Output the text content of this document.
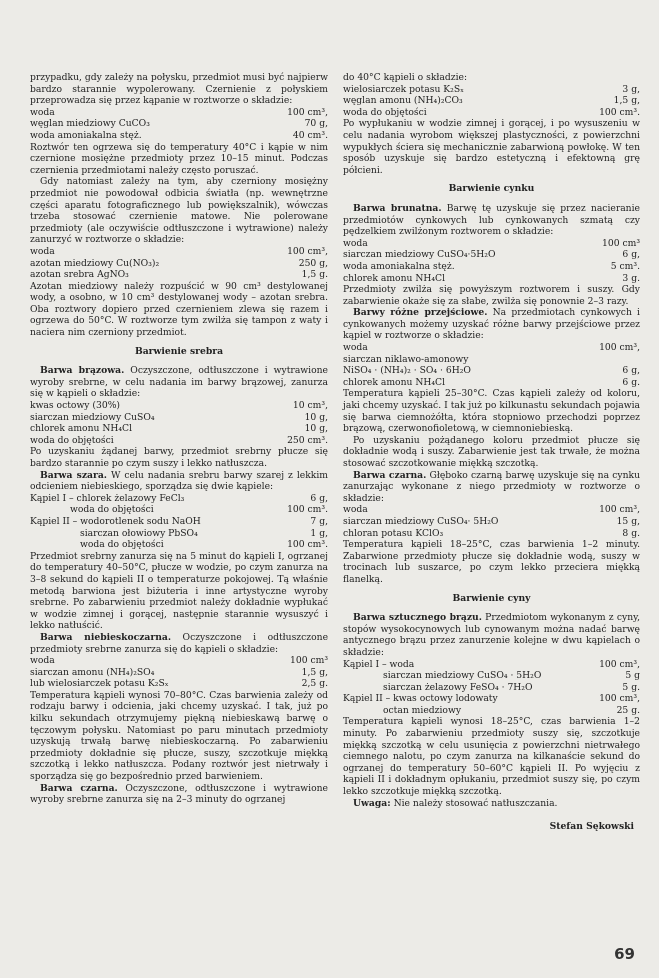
przypadku, gdy zależy na połysku, przedmiot musi być najpierw bardzo starannie wypolerowany. Czernienie z połyskiem przeprowadza się przez kąpanie w roztworze o składzie:

woda	100 cm³,
węglan miedziowy CuCO₃	70 g,
woda amoniakalna stęż.	40 cm³.

Roztwór ten ogrzewa się do temperatury 40°C i kąpie w nim czernione mosiężne przedmioty przez 10–15 minut. Podczas czernienia przedmiotami należy często poruszać.

Gdy natomiast zależy na tym, aby czerniony mosiężny przedmiot nie powodował odbicia światła (np. wewnętrzne części aparatu fotograficznego lub powiększalnik), wówczas trzeba stosować czernienie matowe. Nie polerowane przedmioty (ale oczywiście odtłuszczone i wytrawione) należy zanurzyć w roztworze o składzie:

woda	100 cm³,
azotan miedziowy Cu(NO₃)₂	250 g,
azotan srebra AgNO₃	1,5 g.

Azotan miedziowy należy rozpuścić w 90 cm³ destylowanej wody, a osobno, w 10 cm³ destylowanej wody – azotan srebra. Oba roztwory dopiero przed czernieniem zlewa się razem i ogrzewa do 50°C. W roztworze tym zwilża się tampon z waty i naciera nim czerniony przedmiot.

Barwienie srebra

Barwa brązowa. Oczyszczone, odtłuszczone i wytrawione wyroby srebrne, w celu nadania im barwy brązowej, zanurza się w kąpieli o składzie:

kwas octowy (30%)	10 cm³,
siarczan miedziowy CuSO₄	10 g,
chlorek amonu NH₄Cl	10 g,
woda do objętości	250 cm³.

Po uzyskaniu żądanej barwy, przedmiot srebrny płucze się bardzo starannie po czym suszy i lekko natłuszcza.

Barwa szara. W celu nadania srebru barwy szarej z lekkim odcieniem niebieskiego, sporządza się dwie kąpiele:

Kąpiel I – chlorek żelazowy FeCl₃	6 g,
woda do objętości	100 cm³.
Kąpiel II – wodorotlenek sodu NaOH	7 g,
siarczan ołowiowy PbSO₄	1 g,
woda do objętości	100 cm³.

Przedmiot srebrny zanurza się na 5 minut do kąpieli I, ogrzanej do temperatury 40–50°C, płucze w wodzie, po czym zanurza na 3–8 sekund do kąpieli II o temperaturze pokojowej. Tą właśnie metodą barwiona jest biżuteria i inne artystyczne wyroby srebrne. Po zabarwieniu przedmiot należy dokładnie wypłukać w wodzie zimnej i gorącej, następnie starannie wysuszyć i lekko natłuścić.

Barwa niebieskoczarna. Oczyszczone i odtłuszczone przedmioty srebrne zanurza się do kąpieli o składzie:

woda	100 cm³
siarczan amonu (NH₄)₂SO₄	1,5 g,
lub wielosiarczek potasu K₂Sₓ	2,5 g.

Temperatura kąpieli wynosi 70–80°C. Czas barwienia zależy od rodzaju barwy i odcienia, jaki chcemy uzyskać. I tak, już po kilku sekundach otrzymujemy piękną niebieskawą barwę o tęczowym połysku. Natomiast po paru minutach przedmioty uzyskują trwałą barwę niebieskoczarną. Po zabarwieniu przedmioty dokładnie się płucze, suszy, szczotkuje miękką szczotką i lekko natłuszcza. Podany roztwór jest nietrwały i sporządza się go bezpośrednio przed barwieniem.

Barwa czarna. Oczyszczone, odtłuszczone i wytrawione wyroby srebrne zanurza się na 2–3 minuty do ogrzanej

do 40°C kąpieli o składzie:

wielosiarczek potasu K₂Sₓ	3 g,
węglan amonu (NH₄)₂CO₃	1,5 g,
woda do objętości	100 cm³.

Po wypłukaniu w wodzie zimnej i gorącej, i po wysuszeniu w celu nadania wyrobom większej plastyczności, z powierzchni wypukłych ściera się mechanicznie zabarwioną powłokę. W ten sposób uzyskuje się bardzo estetyczną i efektowną grę półcieni.

Barwienie cynku

Barwa brunatna. Barwę tę uzyskuje się przez nacieranie przedmiotów cynkowych lub cynkowanych szmatą czy pędzelkiem zwilżonym roztworem o składzie:

woda	100 cm³
siarczan miedziowy CuSO₄·5H₂O	6 g,
woda amoniakalna stęż.	5 cm³.
chlorek amonu NH₄Cl	3 g.

Przedmioty zwilża się powyższym roztworem i suszy. Gdy zabarwienie okaże się za słabe, zwilża się ponownie 2–3 razy.

Barwy różne przejściowe. Na przedmiotach cynkowych i cynkowanych możemy uzyskać różne barwy przejściowe przez kąpiel w roztworze o składzie:

woda	100 cm³,
siarczan niklawo-amonowy
NiSO₄ · (NH₄)₂ · SO₄ · 6H₂O	6 g,
chlorek amonu NH₄Cl	6 g.

Temperatura kąpieli 25–30°C. Czas kąpieli zależy od koloru, jaki chcemy uzyskać. I tak już po kilkunastu sekundach pojawia się barwa ciemnożółta, która stopniowo przechodzi poprzez brązową, czerwonofioletową, w ciemnoniebieską.

Po uzyskaniu pożądanego koloru przedmiot płucze się dokładnie wodą i suszy. Zabarwienie jest tak trwałe, że można stosować szczotkowanie miękką szczotką.

Barwa czarna. Głęboko czarną barwę uzyskuje się na cynku zanurzając wykonane z niego przedmioty w roztworze o składzie:

woda	100 cm³,
siarczan miedziowy CuSO₄· 5H₂O	15 g,
chloran potasu KClO₃	8 g.

Temperatura kąpieli 18–25°C, czas barwienia 1–2 minuty. Zabarwione przedmioty płucze się dokładnie wodą, suszy w trocinach lub suszarce, po czym lekko przeciera miękką flanelką.

Barwienie cyny

Barwa sztucznego brązu. Przedmiotom wykonanym z cyny, stopów wysokocynowych lub cynowanym można nadać barwę antycznego brązu przez zanurzenie kolejne w dwu kąpielach o składzie:

Kąpiel I – woda	100 cm³,
siarczan miedziowy CuSO₄ · 5H₂O	5 g
siarczan żelazowy FeSO₄ · 7H₂O	5 g.
Kąpiel II – kwas octowy lodowaty	100 cm³,
octan miedziowy	25 g.

Temperatura kąpieli wynosi 18–25°C, czas barwienia 1–2 minuty. Po zabarwieniu przedmioty suszy się, szczotkuje miękką szczotką w celu usunięcia z powierzchni nietrwałego ciemnego nalotu, po czym zanurza na kilkanaście sekund do ogrzanej do temperatury 50–60°C kąpieli II. Po wyjęciu z kąpieli II i dokładnym opłukaniu, przedmiot suszy się, po czym lekko szczotkuje miękką szczotką.

Uwaga: Nie należy stosować natłuszczania.

Stefan Sękowski
69
